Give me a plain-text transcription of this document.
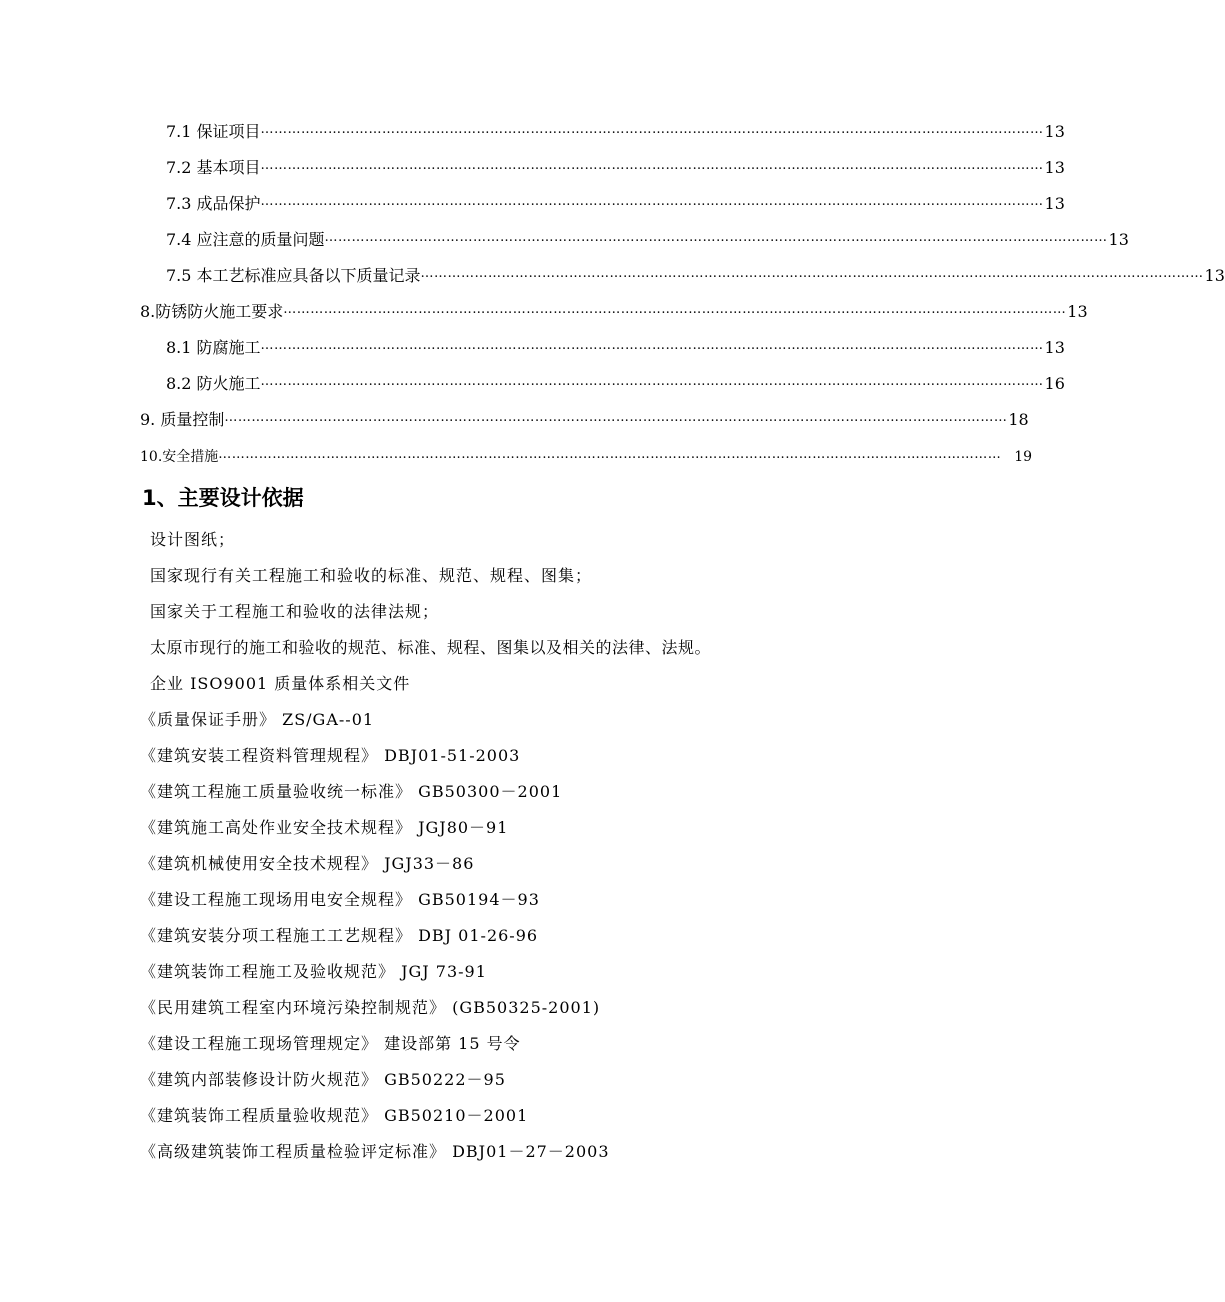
7.1 保证项目 ………………………………………………………………………………………………………………………………………………………… 13
7.2 基本项目 ………………………………………………………………………………………………………………………………………………………… 13
7.3 成品保护 ………………………………………………………………………………………………………………………………………………………… 13
7.4 应注意的质量问题 ………………………………………………………………………………………………………………………………………………………… 13
7.5 本工艺标准应具备以下质量记录 ………………………………………………………………………………………………………………………………………………………… 13
8.防锈防火施工要求 ………………………………………………………………………………………………………………………………………………………… 13
8.1 防腐施工 ………………………………………………………………………………………………………………………………………………………… 13
8.2 防火施工 ………………………………………………………………………………………………………………………………………………………… 16
9. 质量控制 ………………………………………………………………………………………………………………………………………………………… 18
10.安全措施 ………………………………………………………………………………………………………………………………………………………… 19
1、主要设计依据
设计图纸；
国家现行有关工程施工和验收的标准、规范、规程、图集；
国家关于工程施工和验收的法律法规；
太原市现行的施工和验收的规范、标准、规程、图集以及相关的法律、法规。
企业 ISO9001 质量体系相关文件
《质量保证手册》 ZS/GA--01
《建筑安装工程资料管理规程》 DBJ01-51-2003
《建筑工程施工质量验收统一标准》 GB50300－2001
《建筑施工高处作业安全技术规程》 JGJ80－91
《建筑机械使用安全技术规程》 JGJ33－86
《建设工程施工现场用电安全规程》 GB50194－93
《建筑安装分项工程施工工艺规程》 DBJ 01-26-96
《建筑装饰工程施工及验收规范》 JGJ 73-91
《民用建筑工程室内环境污染控制规范》 (GB50325-2001)
《建设工程施工现场管理规定》 建设部第 15 号令
《建筑内部装修设计防火规范》 GB50222－95
《建筑装饰工程质量验收规范》 GB50210－2001
《高级建筑装饰工程质量检验评定标准》 DBJ01－27－2003
